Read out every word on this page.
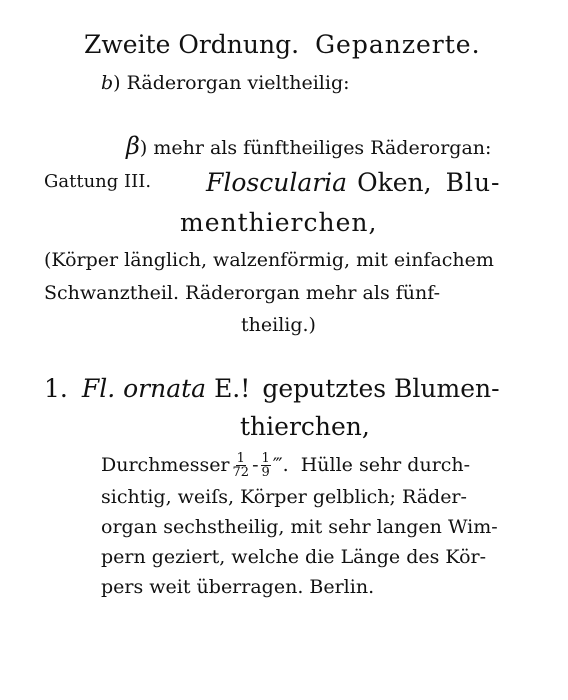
Zweite Ordnung. Gepanzerte.
b) Räderorgan vieltheilig:
β) mehr als fünftheiliges Räderorgan:
Gattung III. Floscularia Oken, Blu-
menthierchen,
(Körper länglich, walzenförmig, mit einfachem
Schwanztheil. Räderorgan mehr als fünf-
theilig.)
1. Fl. ornata E.! geputztes Blumen-
thierchen,
Durchmesser $\frac{1}{72} - \frac{1}{9}$ ‴. Hülle sehr durch-
sichtig, weiſs, Körper gelblich; Räder-
organ sechstheilig, mit sehr langen Wim-
pern geziert, welche die Länge des Kör-
pers weit überragen. Berlin.
